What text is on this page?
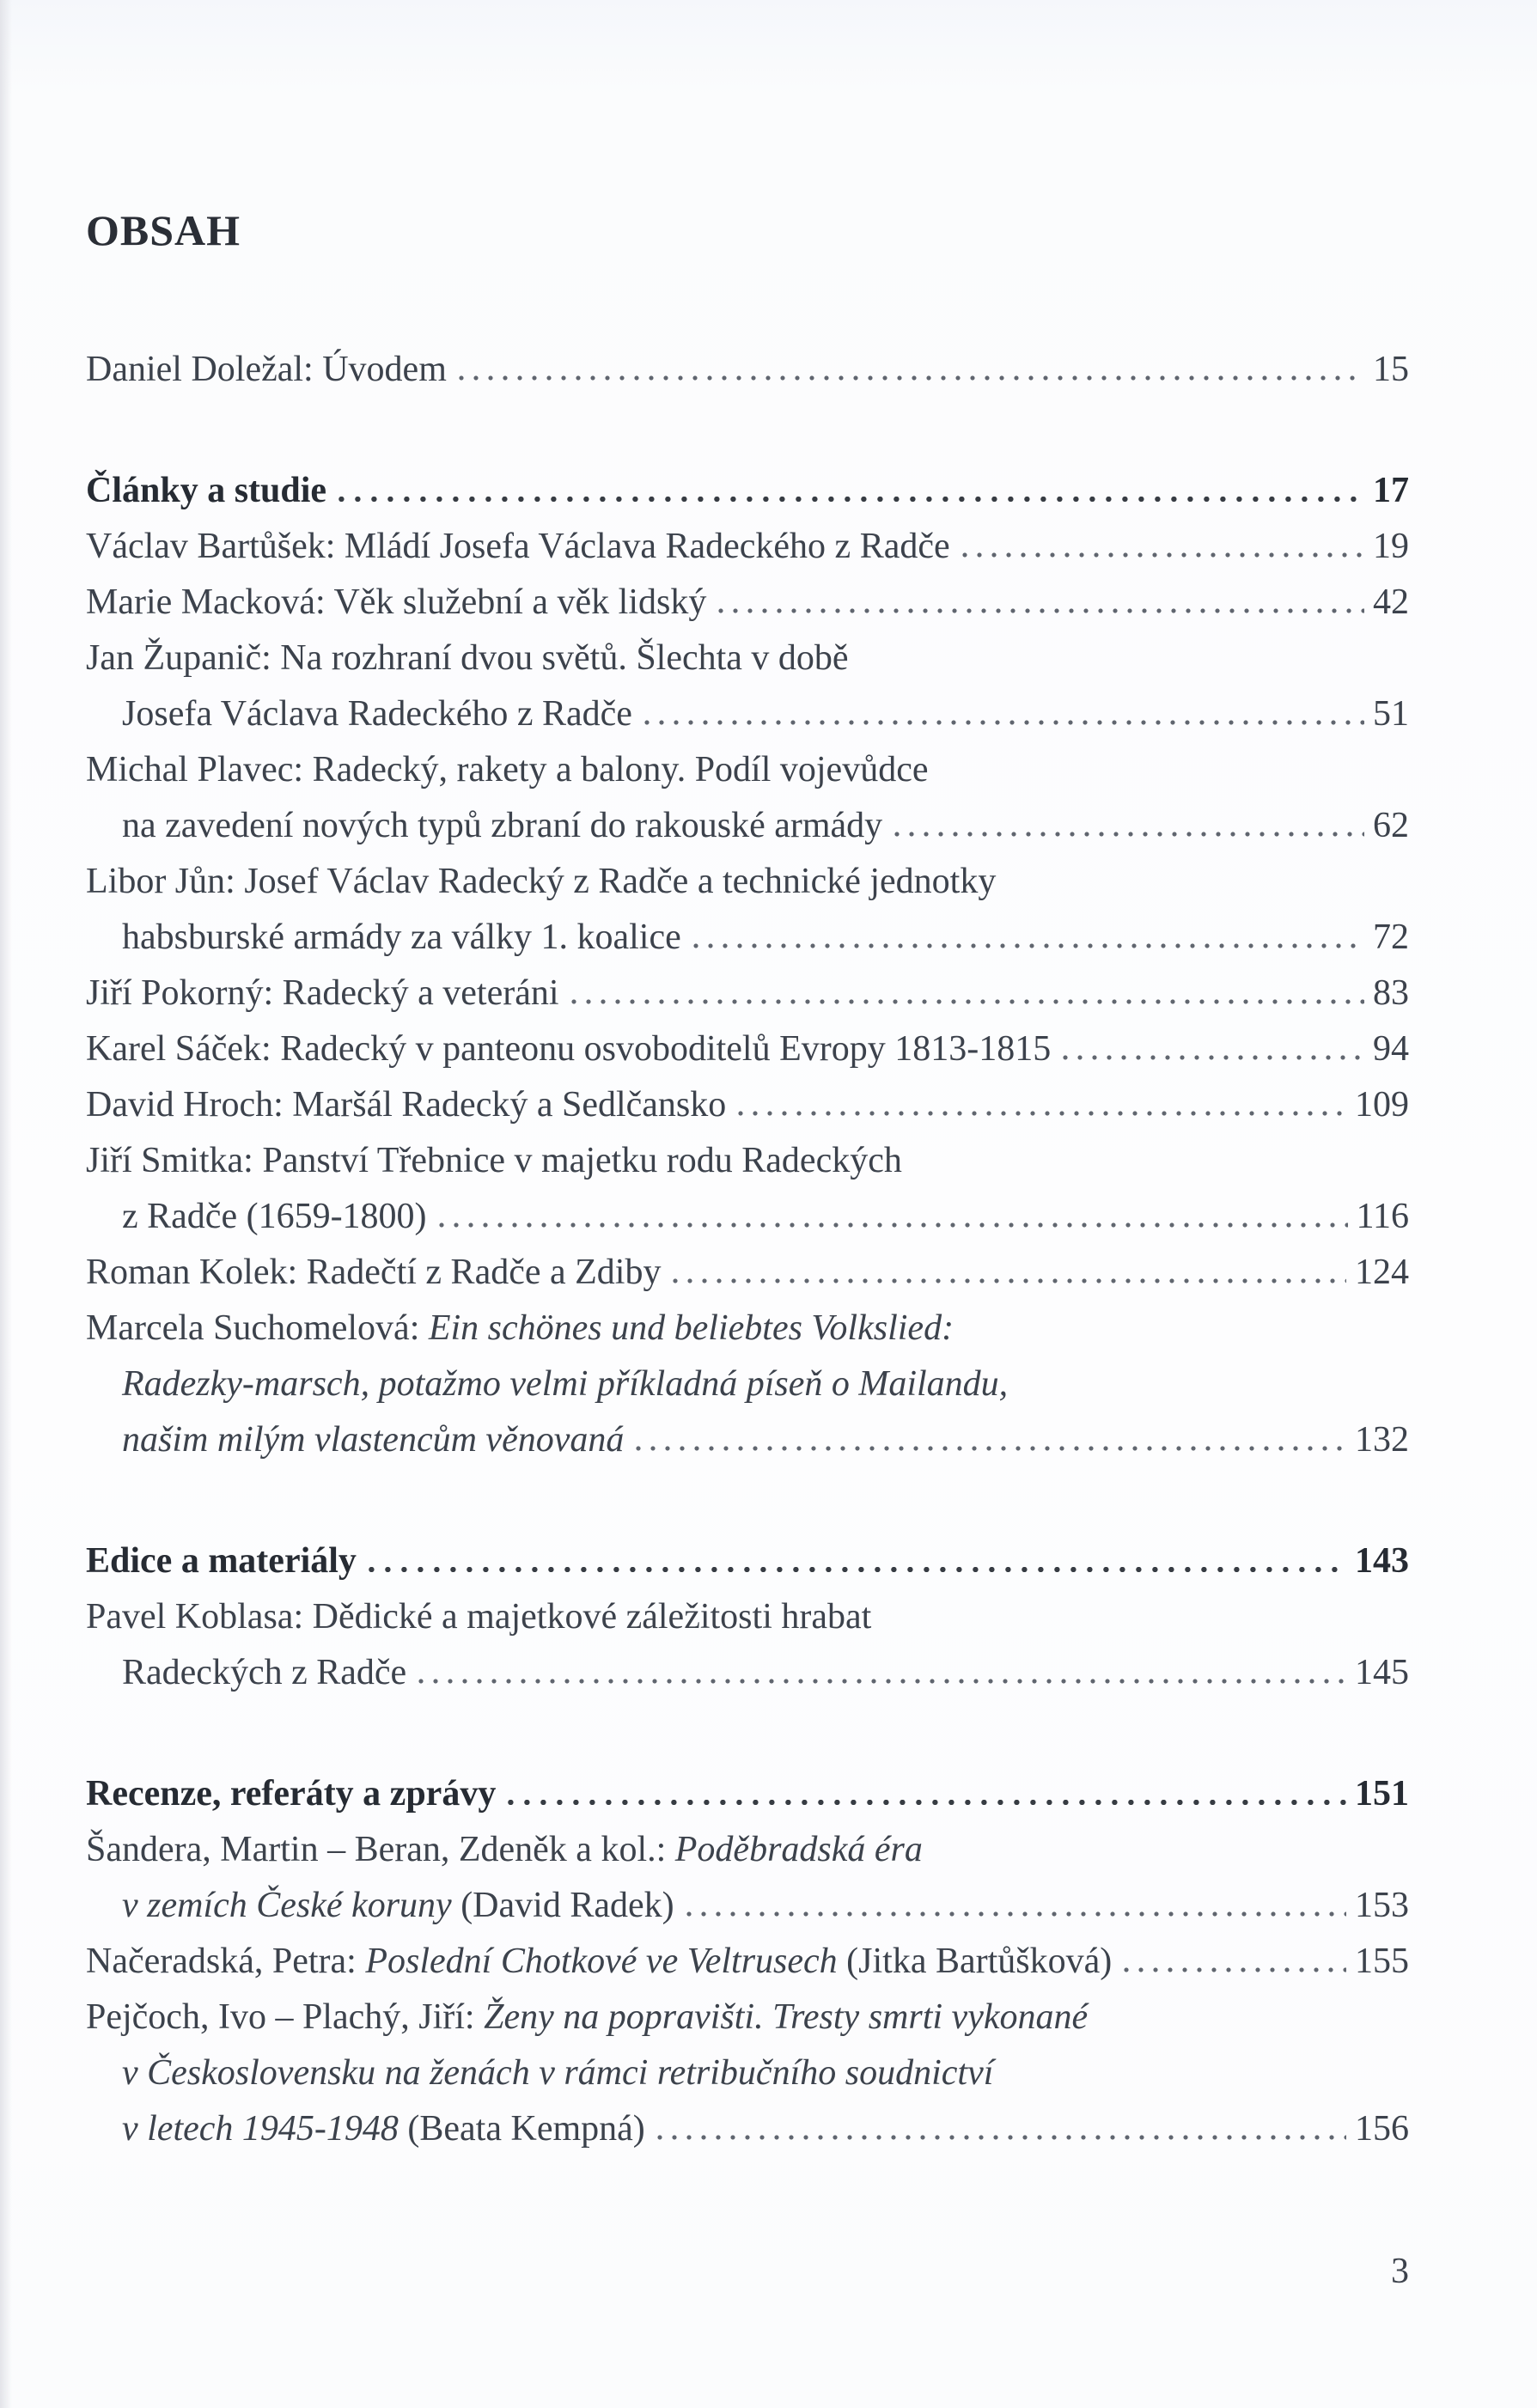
OBSAH
Daniel Doležal: Úvodem	15
Články a studie	17
Václav Bartůšek: Mládí Josefa Václava Radeckého z Radče	19
Marie Macková: Věk služební a věk lidský	42
Jan Županič: Na rozhraní dvou světů. Šlechta v době
Josefa Václava Radeckého z Radče	51
Michal Plavec: Radecký, rakety a balony. Podíl vojevůdce
na zavedení nových typů zbraní do rakouské armády	62
Libor Jůn: Josef Václav Radecký z Radče a technické jednotky
habsburské armády za války 1. koalice	72
Jiří Pokorný: Radecký a veteráni	83
Karel Sáček: Radecký v panteonu osvoboditelů Evropy 1813-1815	94
David Hroch: Maršál Radecký a Sedlčansko	109
Jiří Smitka: Panství Třebnice v majetku rodu Radeckých
z Radče (1659-1800)	116
Roman Kolek: Radečtí z Radče a Zdiby	124
Marcela Suchomelová: Ein schönes und beliebtes Volkslied:
Radezky-marsch, potažmo velmi příkladná píseň o Mailandu,
našim milým vlastencům věnovaná	132
Edice a materiály	143
Pavel Koblasa: Dědické a majetkové záležitosti hrabat
Radeckých z Radče	145
Recenze, referáty a zprávy	151
Šandera, Martin – Beran, Zdeněk a kol.: Poděbradská éra
v zemích České koruny (David Radek)	153
Načeradská, Petra: Poslední Chotkové ve Veltrusech (Jitka Bartůšková)	155
Pejčoch, Ivo – Plachý, Jiří: Ženy na popravišti. Tresty smrti vykonané
v Československu na ženách v rámci retribučního soudnictví
v letech 1945-1948 (Beata Kempná)	156
3
